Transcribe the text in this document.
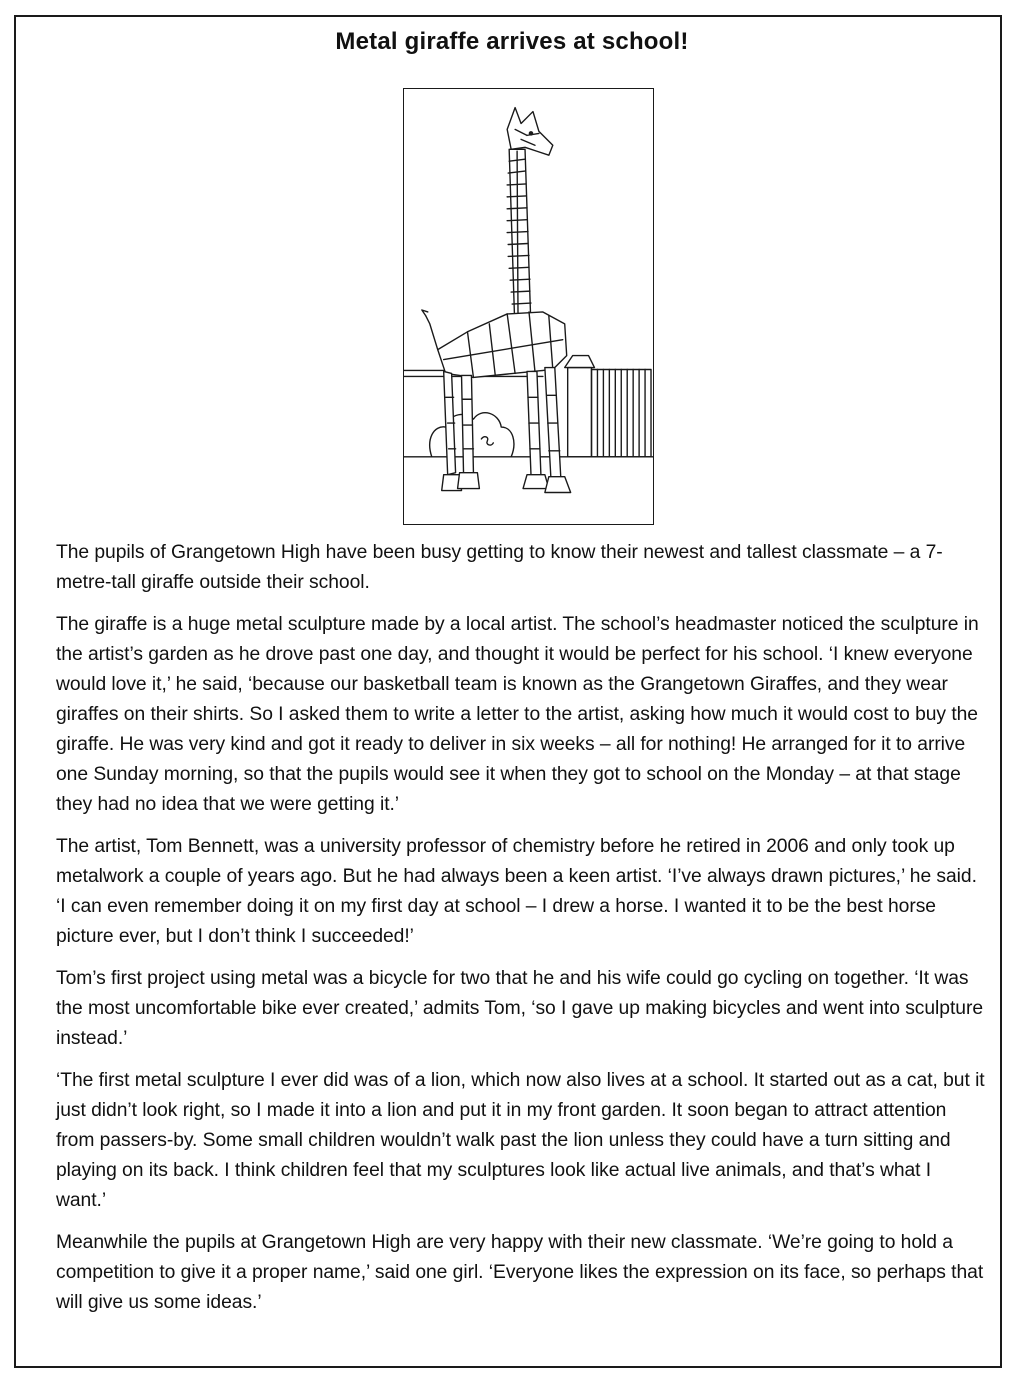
Metal giraffe arrives at school!

The pupils of Grangetown High have been busy getting to know their newest and tallest classmate – a 7-metre-tall giraffe outside their school.

The giraffe is a huge metal sculpture made by a local artist. The school’s headmaster noticed the sculpture in the artist’s garden as he drove past one day, and thought it would be perfect for his school. ‘I knew everyone would love it,’ he said, ‘because our basketball team is known as the Grangetown Giraffes, and they wear giraffes on their shirts. So I asked them to write a letter to the artist, asking how much it would cost to buy the giraffe. He was very kind and got it ready to deliver in six weeks – all for nothing! He arranged for it to arrive one Sunday morning, so that the pupils would see it when they got to school on the Monday – at that stage they had no idea that we were getting it.’

The artist, Tom Bennett, was a university professor of chemistry before he retired in 2006 and only took up metalwork a couple of years ago. But he had always been a keen artist. ‘I’ve always drawn pictures,’ he said. ‘I can even remember doing it on my first day at school – I drew a horse. I wanted it to be the best horse picture ever, but I don’t think I succeeded!’

Tom’s first project using metal was a bicycle for two that he and his wife could go cycling on together. ‘It was the most uncomfortable bike ever created,’ admits Tom, ‘so I gave up making bicycles and went into sculpture instead.’

‘The first metal sculpture I ever did was of a lion, which now also lives at a school. It started out as a cat, but it just didn’t look right, so I made it into a lion and put it in my front garden. It soon began to attract attention from passers-by. Some small children wouldn’t walk past the lion unless they could have a turn sitting and playing on its back. I think children feel that my sculptures look like actual live animals, and that’s what I want.’

Meanwhile the pupils at Grangetown High are very happy with their new classmate. ‘We’re going to hold a competition to give it a proper name,’ said one girl. ‘Everyone likes the expression on its face, so perhaps that will give us some ideas.’
